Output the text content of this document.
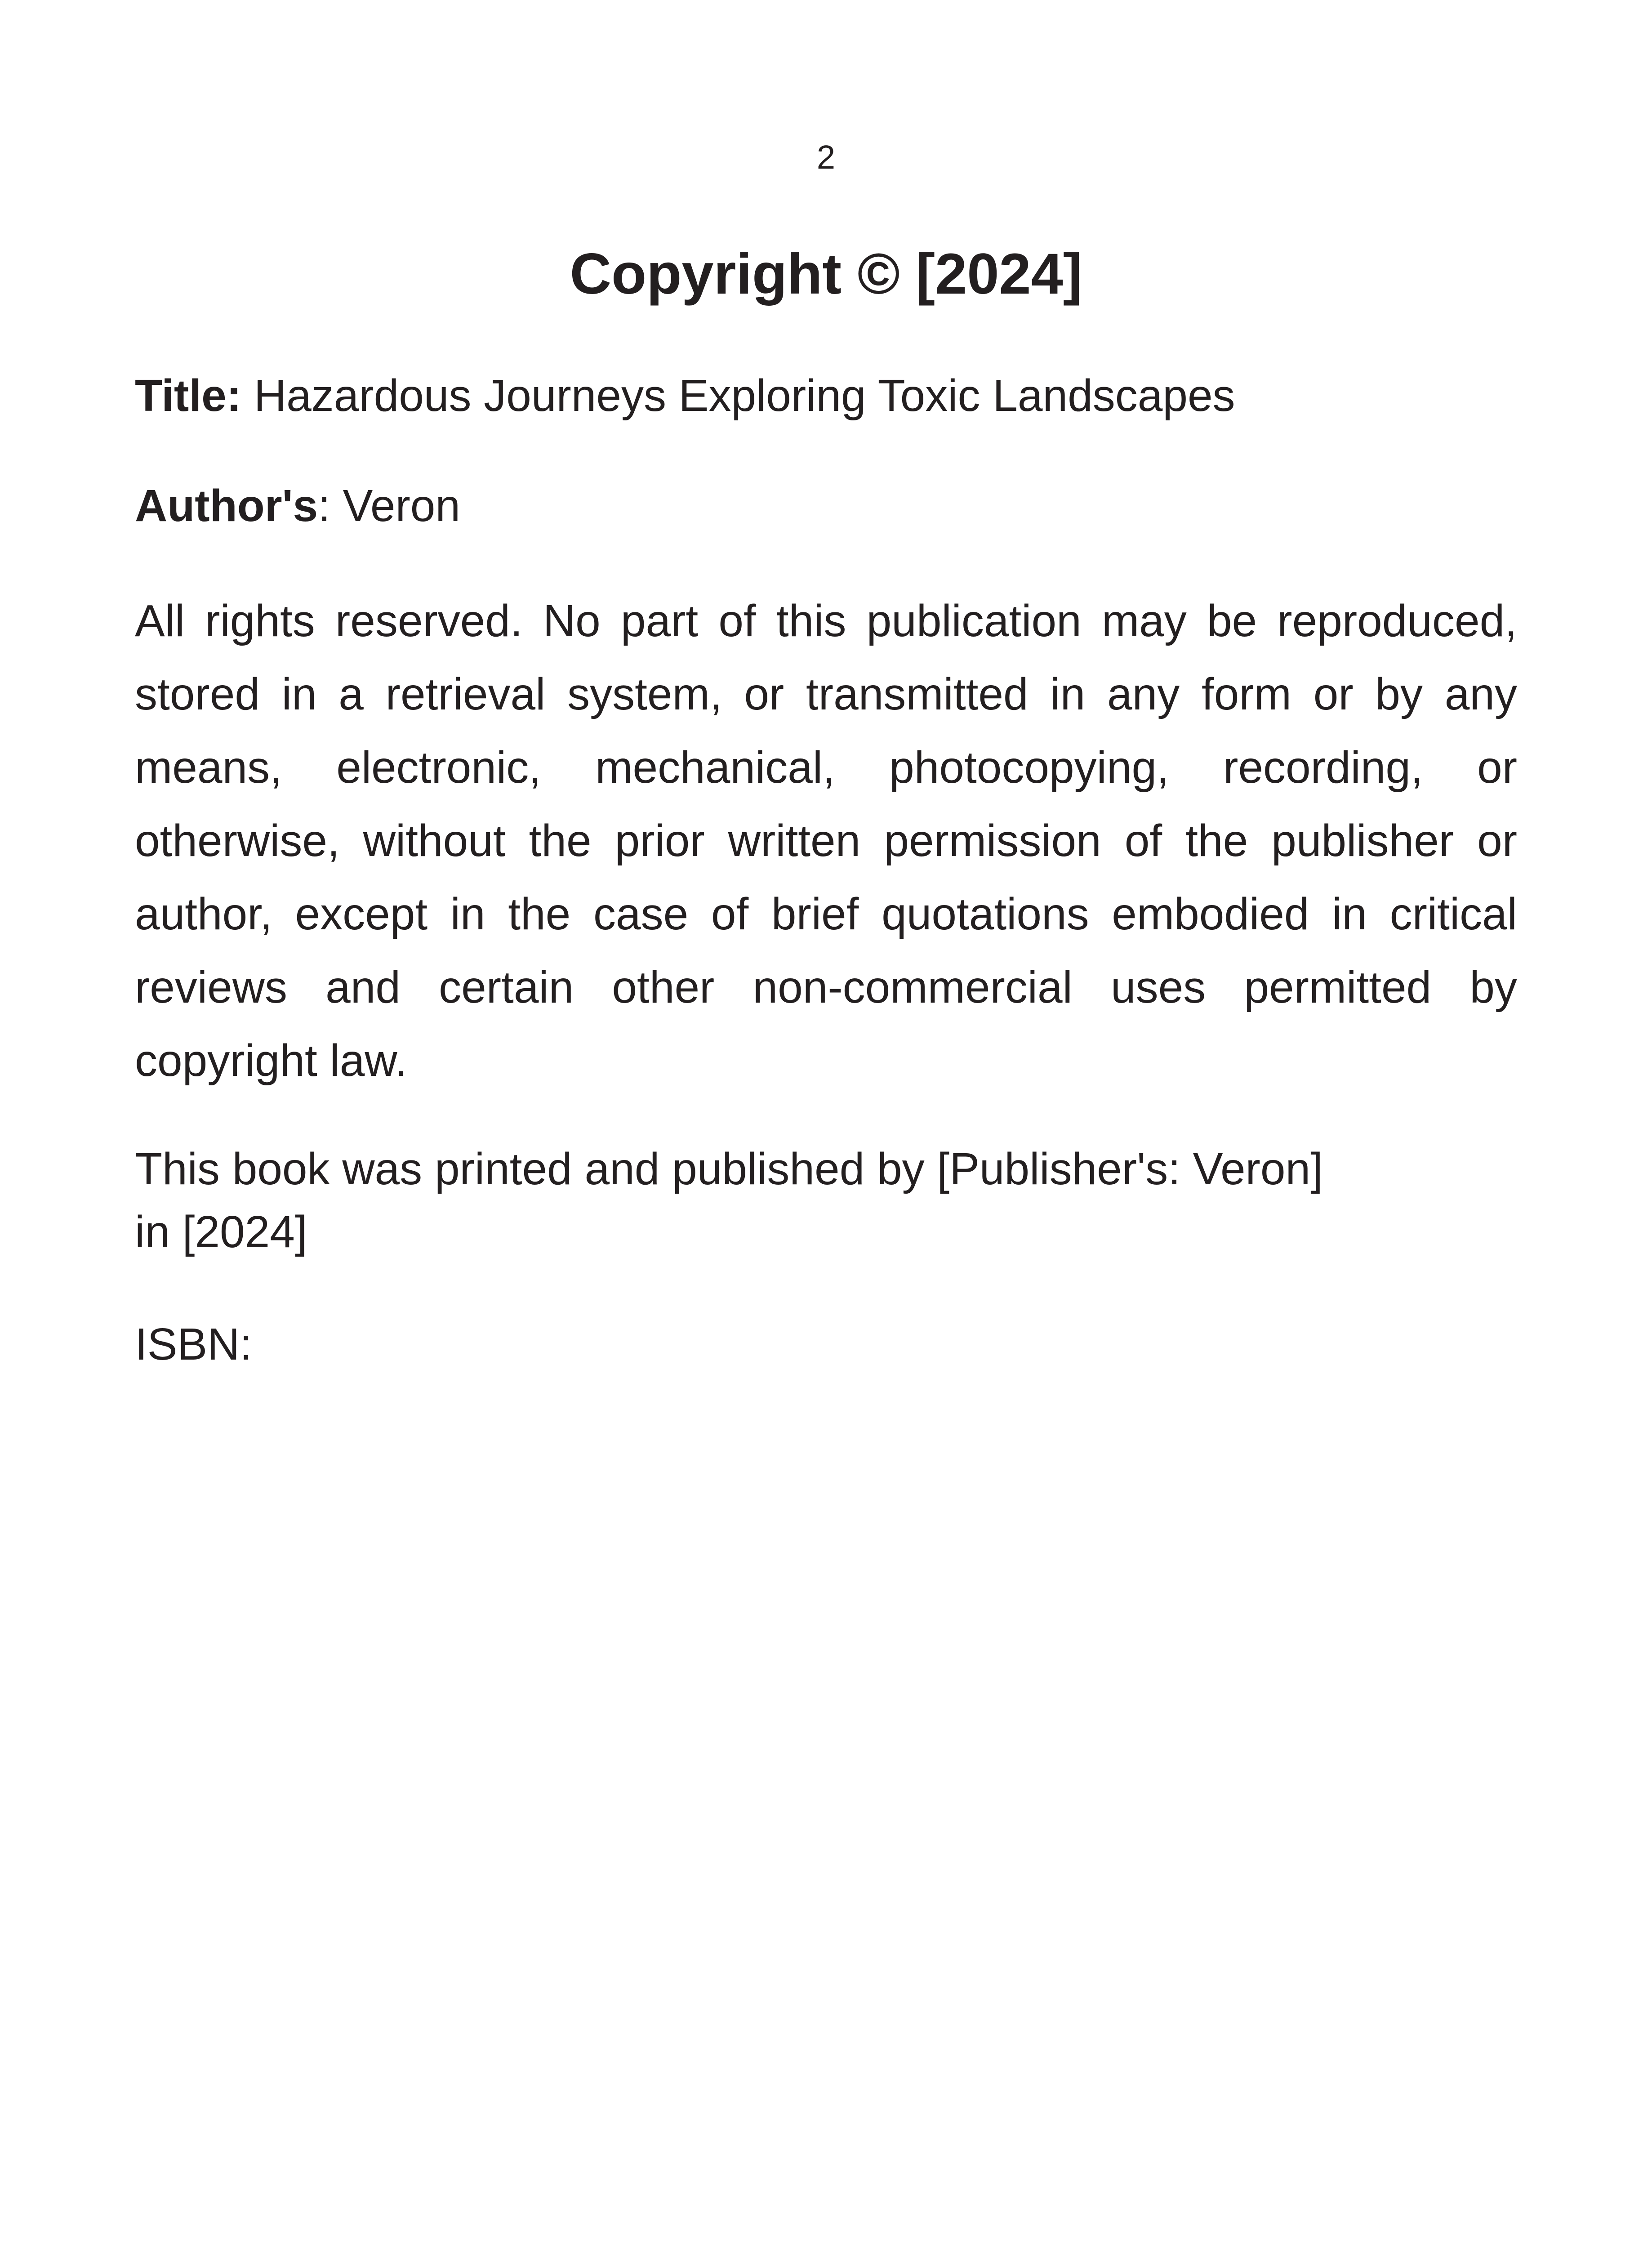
2
Copyright © [2024]
Title: Hazardous Journeys Exploring Toxic Landscapes
Author's: Veron

All rights reserved. No part of this publication may be reproduced, stored in a retrieval system, or transmitted in any form or by any means, electronic, mechanical, photocopying, recording, or otherwise, without the prior written permission of the publisher or author, except in the case of brief quotations embodied in critical reviews and certain other non-commercial uses permitted by copyright law.

This book was printed and published by [Publisher's: Veron]
in [2024]

ISBN:
